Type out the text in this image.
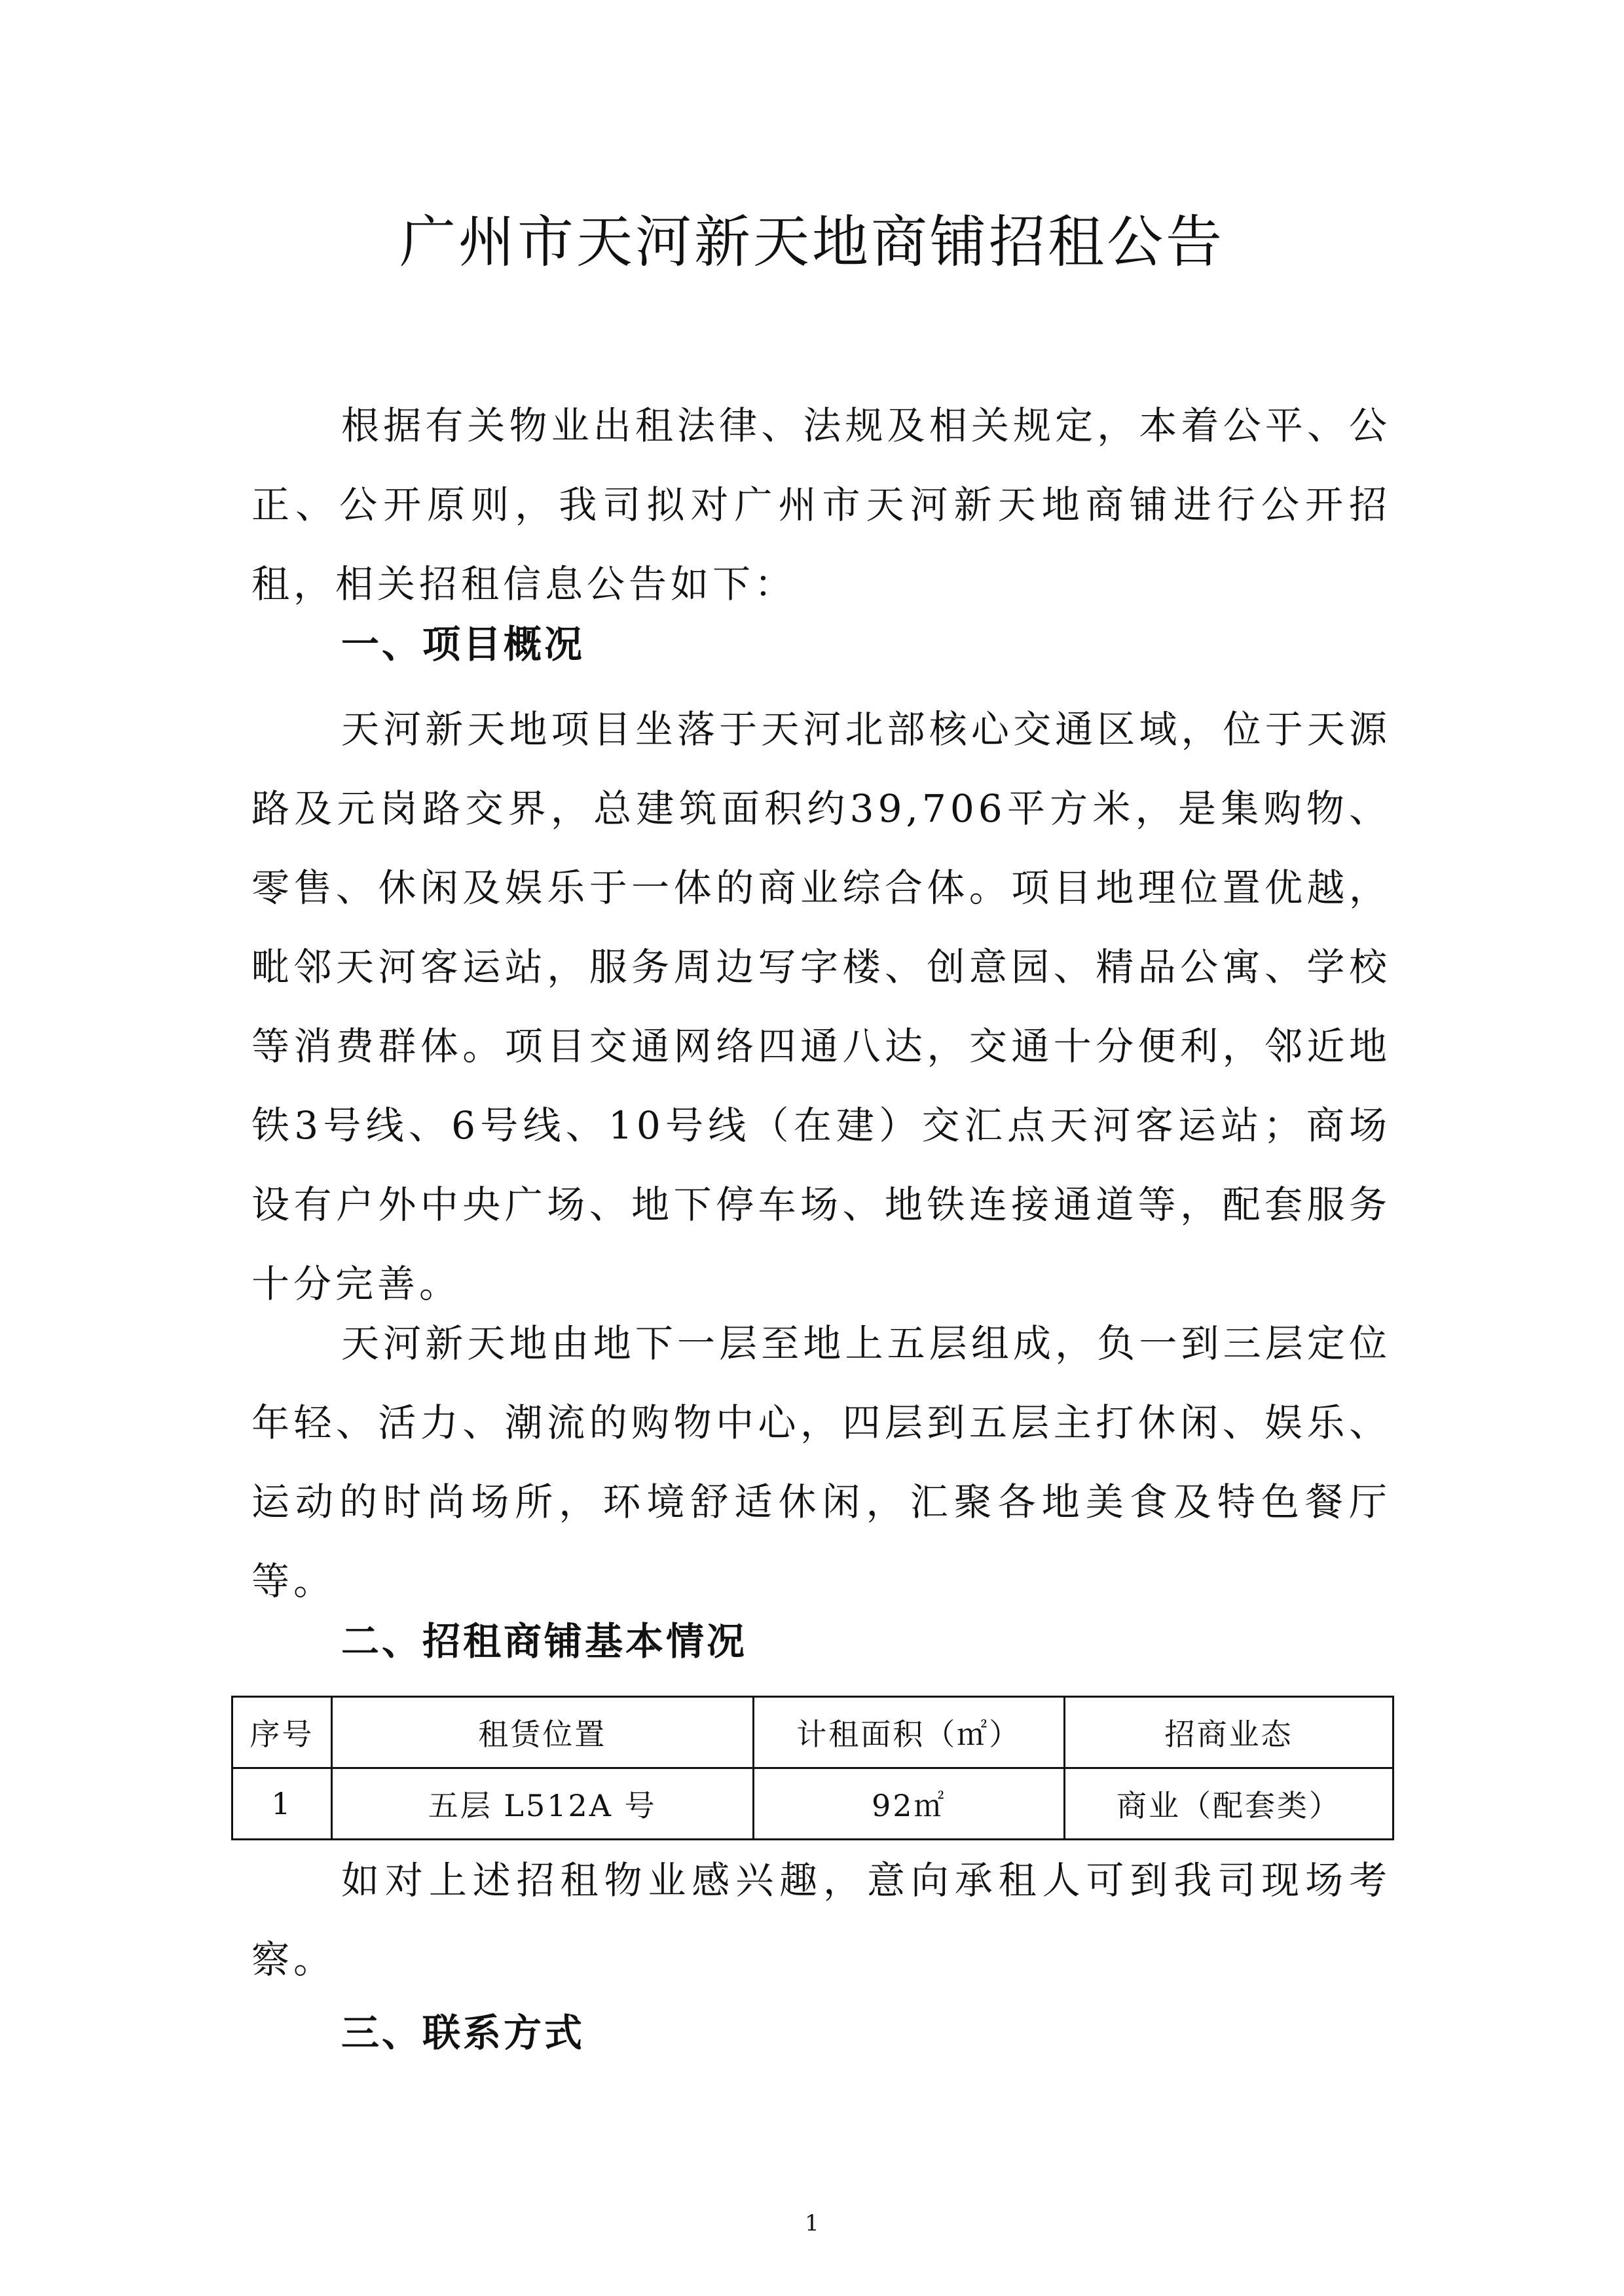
广州市天河新天地商铺招租公告

根据有关物业出租法律、法规及相关规定，本着公平、公正、公开原则，我司拟对广州市天河新天地商铺进行公开招租，相关招租信息公告如下：

一、项目概况

天河新天地项目坐落于天河北部核心交通区域，位于天源路及元岗路交界，总建筑面积约39,706平方米，是集购物、零售、休闲及娱乐于一体的商业综合体。项目地理位置优越，毗邻天河客运站，服务周边写字楼、创意园、精品公寓、学校等消费群体。项目交通网络四通八达，交通十分便利，邻近地铁3号线、6号线、10号线（在建）交汇点天河客运站；商场设有户外中央广场、地下停车场、地铁连接通道等，配套服务十分完善。

天河新天地由地下一层至地上五层组成，负一到三层定位年轻、活力、潮流的购物中心，四层到五层主打休闲、娱乐、运动的时尚场所，环境舒适休闲，汇聚各地美食及特色餐厅等。

二、招租商铺基本情况
序号	租赁位置	计租面积（㎡）	招商业态
1	五层 L512A 号	92㎡	商业（配套类）

如对上述招租物业感兴趣，意向承租人可到我司现场考察。

三、联系方式

1
